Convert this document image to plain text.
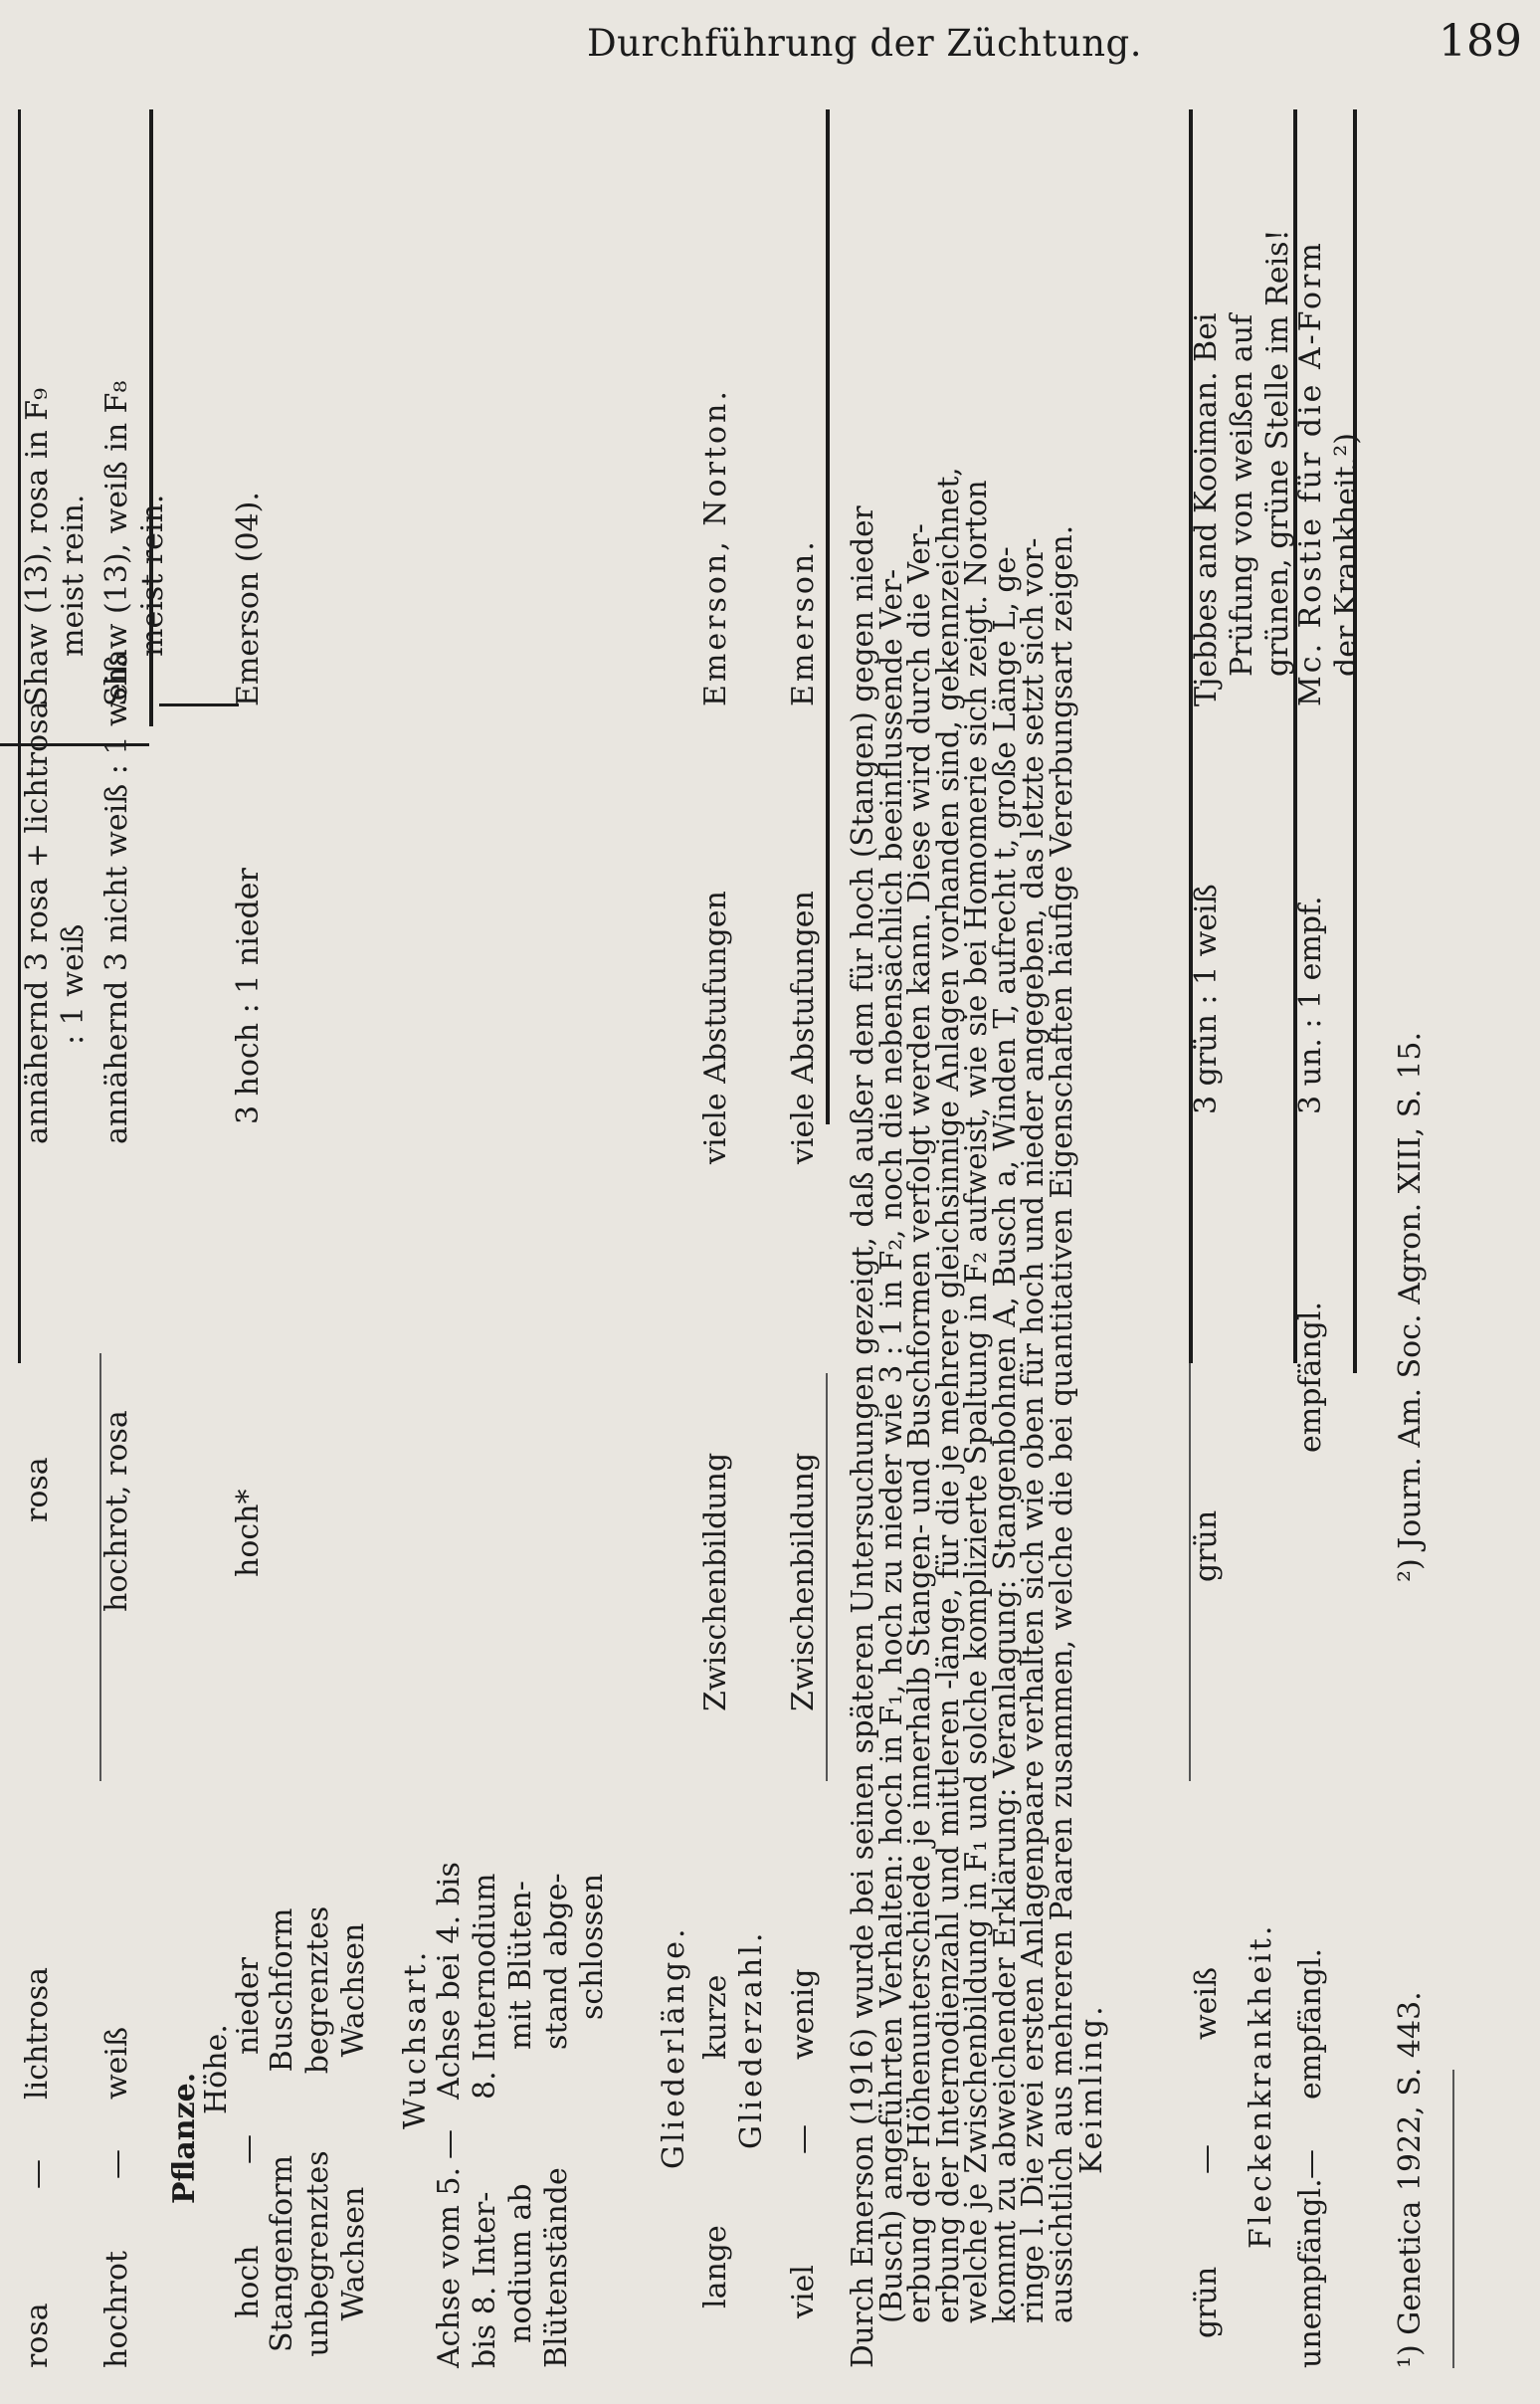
Durchführung der Züchtung.	189
rosa
—
lichtrosa
rosa
annähernd 3 rosa + lichtrosa : 1 weiß
Shaw (13), rosa in F₉ meist rein.
hochrot
—
weiß
hochrot, rosa
annähernd 3 nicht weiß : 1 weiß
Shaw (13), weiß in F₈ meist rein.
Pflanze.
Höhe.
hoch
—
nieder
hoch*
3 hoch : 1 nieder
Emerson (04).
Stangenform unbegrenztes Wachsen
Buschform begrenztes Wachsen Wuchsart.
Achse vom 5. bis 8. Inter- nodium ab Blütenstände
—
Achse bei 4. bis 8. Internodium mit Blüten- stand abge- schlossen Gliederlänge.
lange
kurze
Zwischenbildung
viele Abstufungen
Emerson, Norton.
Gliederzahl.
viel
—
wenig
Zwischenbildung
viele Abstufungen
Emerson. Durch Emerson (1916) wurde bei seinen späteren Untersuchungen gezeigt, daß außer dem für hoch (Stangen) gegen nieder

(Busch) angeführten Verhalten: hoch in F₁, hoch zu nieder wie 3 : 1 in F₂, noch die nebensächlich beeinflussende Ver-

erbung der Höhenunterschiede je innerhalb Stangen- und Buschformen verfolgt werden kann. Diese wird durch die Ver-

erbung der Internodienzahl und mittleren -länge, für die je mehrere gleichsinnige Anlagen vorhanden sind, gekennzeichnet,

welche je Zwischenbildung in F₁ und solche komplizierte Spaltung in F₂ aufweist, wie sie bei Homomerie sich zeigt. Norton

kommt zu abweichender Erklärung: Veranlagung: Stangenbohnen A, Busch a, Winden T, aufrecht t, große Länge L, ge-

ringe l. Die zwei ersten Anlagenpaare verhalten sich wie oben für hoch und nieder angegeben, das letzte setzt sich vor-

aussichtlich aus mehreren Paaren zusammen, welche die bei quantitativen Eigenschaften häufige Vererbungsart zeigen.

Keimling.
grün
—
weiß
grün
3 grün : 1 weiß
Tjebbes and Kooiman. Bei Prüfung von weißen auf grünen, grüne Stelle im Reis!
Fleckenkrankheit.
unempfängl.
—
empfängl.
empfängl.
3 un. : 1 empf.
Mc. Rostie für die A-Form der Krankheit.²)
¹) Genetica 1922, S. 443.
²) Journ. Am. Soc. Agron. XIII, S. 15.
